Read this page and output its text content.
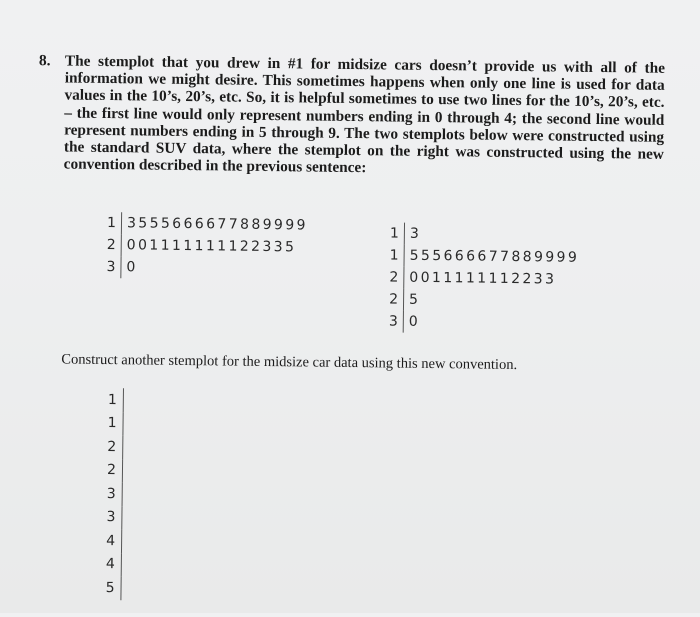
8. The stemplot that you drew in #1 for midsize cars doesn’t provide us with all of the information we might desire. This sometimes happens when only one line is used for data values in the 10’s, 20’s, etc. So, it is helpful sometimes to use two lines for the 10’s, 20’s, etc. – the first line would only represent numbers ending in 0 through 4; the second line would represent numbers ending in 5 through 9. The two stemplots below were constructed using the standard SUV data, where the stemplot on the right was constructed using the new convention described in the previous sentence:

1	3555666677889999
2	001111111122335
3	0
1	3
1	555666677889999
2	0011111112233
2	5
3	0

Construct another stemplot for the midsize car data using this new convention.

1	
1	
2	
2	
3	
3	
4	
4	
5	
